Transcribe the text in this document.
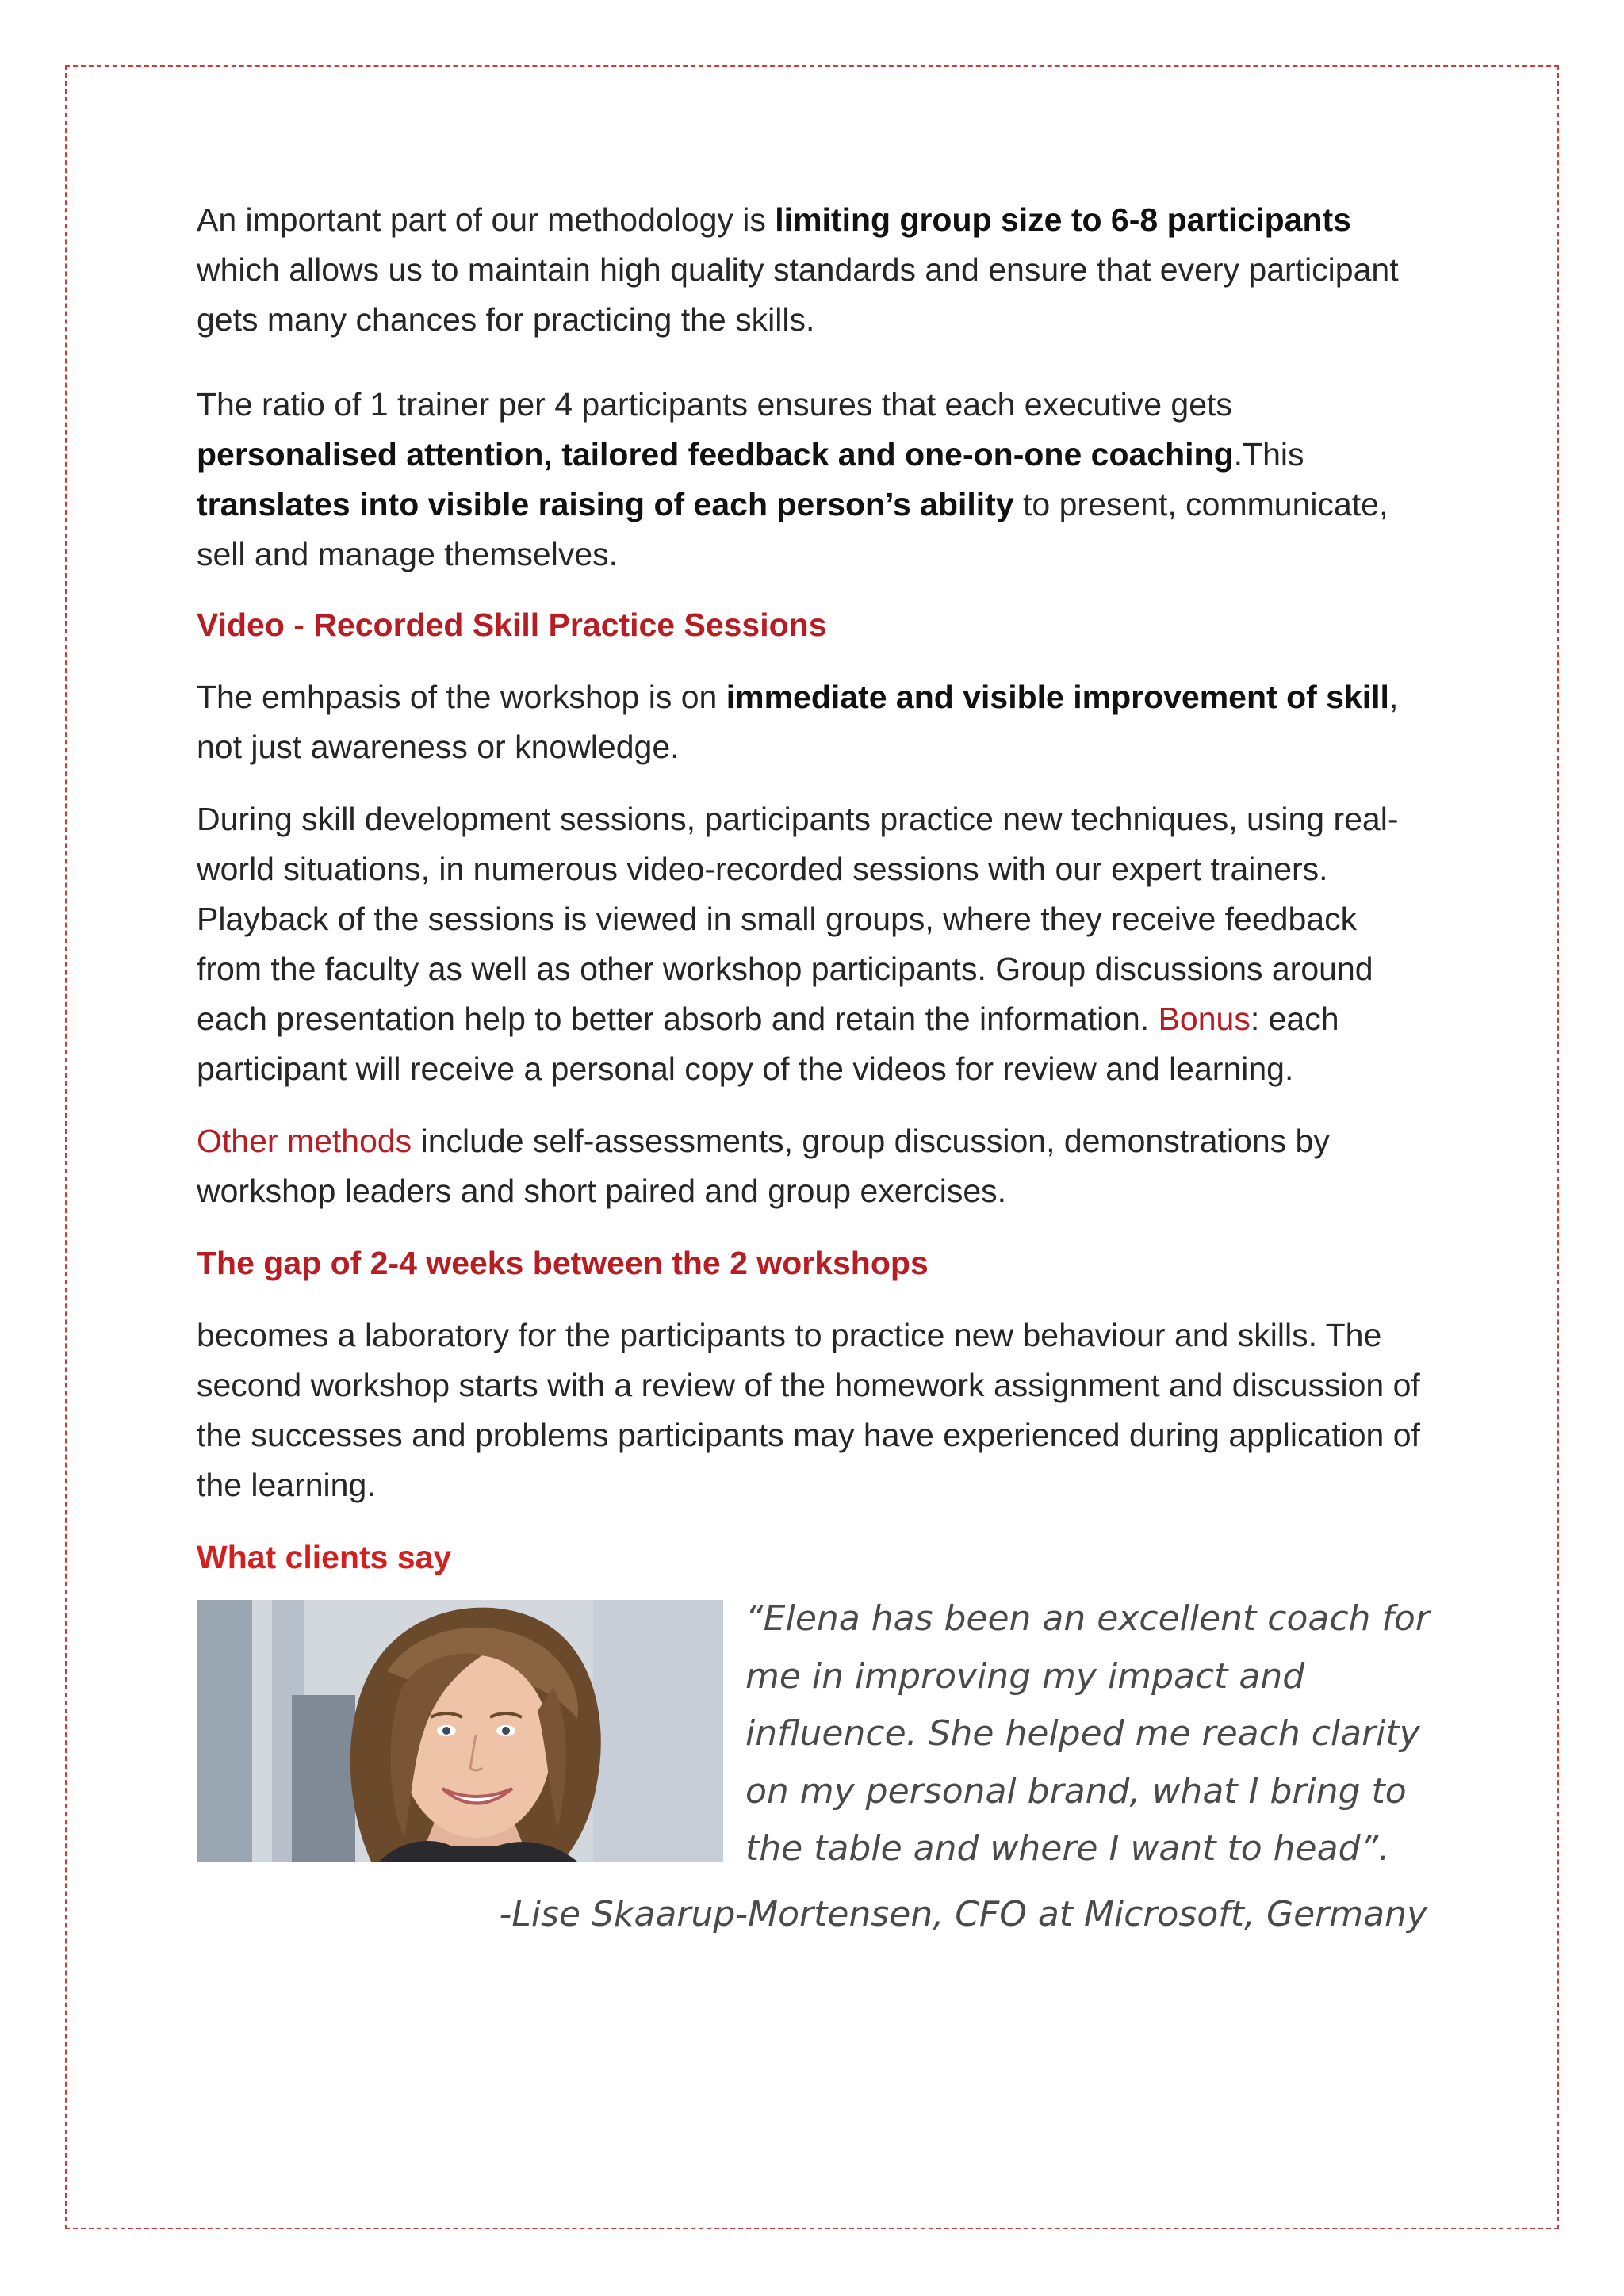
An important part of our methodology is limiting group size to 6-8 participants which allows us to maintain high quality standards and ensure that every participant gets many chances for practicing the skills.

The ratio of 1 trainer per 4 participants ensures that each executive gets personalised attention, tailored feedback and one-on-one coaching.This translates into visible raising of each person’s ability to present, communicate, sell and manage themselves.

Video - Recorded Skill Practice Sessions

The emhpasis of the workshop is on immediate and visible improvement of skill, not just awareness or knowledge.

During skill development sessions, participants practice new techniques, using real-world situations, in numerous video-recorded sessions with our expert trainers. Playback of the sessions is viewed in small groups, where they receive feedback from the faculty as well as other workshop participants. Group discussions around each presentation help to better absorb and retain the information. Bonus: each participant will receive a personal copy of the videos for review and learning.

Other methods include self-assessments, group discussion, demonstrations by workshop leaders and short paired and group exercises.

The gap of 2-4 weeks between the 2 workshops

becomes a laboratory for the participants to practice new behaviour and skills. The second workshop starts with a review of the homework assignment and discussion of the successes and problems participants may have experienced during application of the learning.

What clients say

“Elena has been an excellent coach for me in improving my impact and influence. She helped me reach clarity on my personal brand, what I bring to the table and where I want to head”.

-Lise Skaarup-Mortensen, CFO at Microsoft, Germany
